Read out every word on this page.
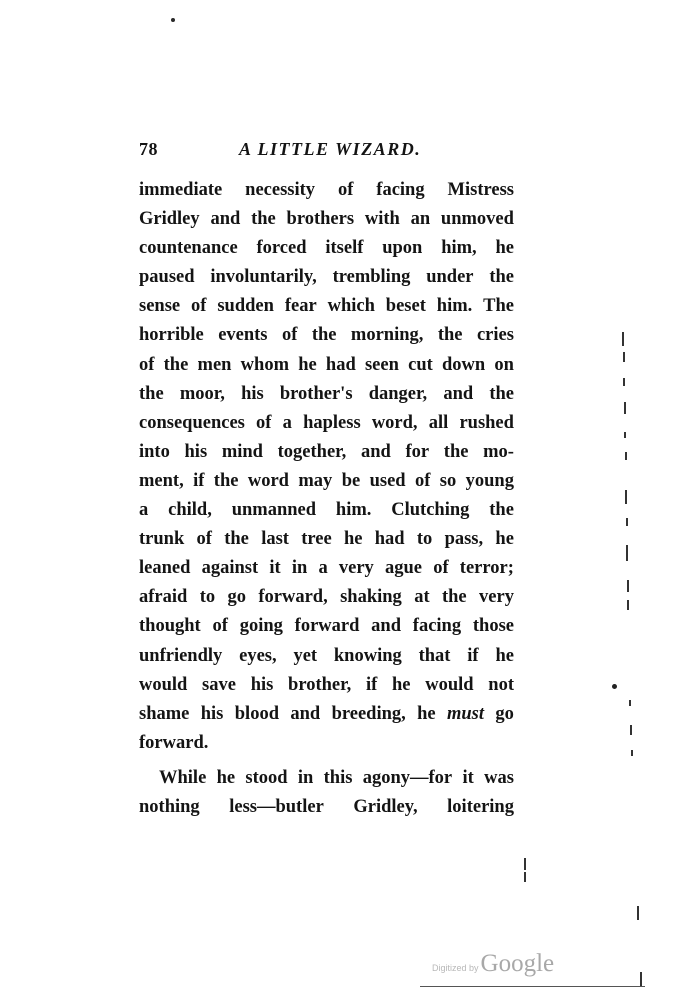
78	A LITTLE WIZARD.
immediate necessity of facing Mistress
Gridley and the brothers with an unmoved
countenance forced itself upon him, he
paused involuntarily, trembling under the
sense of sudden fear which beset him. The
horrible events of the morning, the cries
of the men whom he had seen cut down on
the moor, his brother's danger, and the
consequences of a hapless word, all rushed
into his mind together, and for the mo-
ment, if the word may be used of so young
a child, unmanned him. Clutching the
trunk of the last tree he had to pass, he
leaned against it in a very ague of terror;
afraid to go forward, shaking at the very
thought of going forward and facing those
unfriendly eyes, yet knowing that if he
would save his brother, if he would not
shame his blood and breeding, he must go
forward.
While he stood in this agony—for it was
nothing less—butler Gridley, loitering
Digitized by Google
